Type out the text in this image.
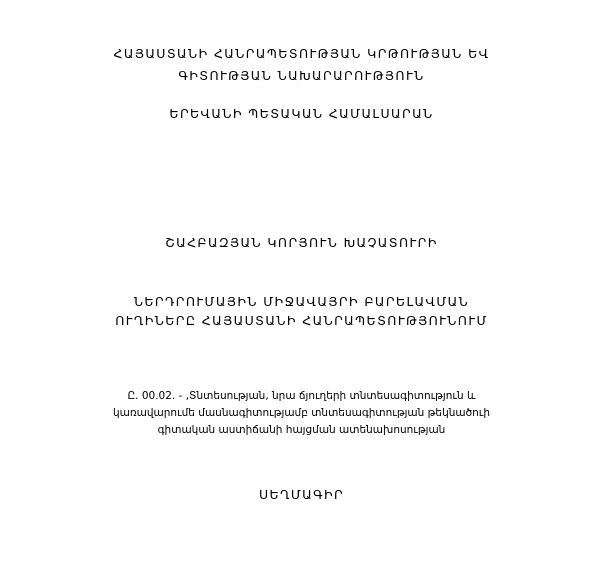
ՀԱՅԱՍՏԱՆԻ ՀԱՆՐԱՊԵՏՈՒԹՅԱՆ ԿՐԹՈՒԹՅԱՆ ԵՎ
ԳԻՏՈՒԹՅԱՆ ՆԱԽԱՐԱՐՈՒԹՅՈՒՆ
ԵՐԵՎԱՆԻ ՊԵՏԱԿԱՆ ՀԱՄԱԼՍԱՐԱՆ
ՇԱՀԲԱԶՅԱՆ ԿՈՐՅՈՒՆ ԽԱՉԱՏՈՒՐԻ
ՆԵՐԴՐՈՒՄԱՅԻՆ ՄԻՋԱՎԱՅՐԻ ԲԱՐԵԼԱՎՄԱՆ
ՈՒՂԻՆԵՐԸ ՀԱՅԱՍՏԱՆԻ ՀԱՆՐԱՊԵՏՈՒԹՅՈՒՆՈՒՄ
Ը. 00.02. - ,Տնտեսության, նրա ճյուղերի տնտեսագիտություն և
կառավարումե մասնագիտությամբ տնտեսագիտության թեկնածուի
գիտական աստիճանի հայցման ատենախոսության
ՍԵՂՄԱԳԻՐ
